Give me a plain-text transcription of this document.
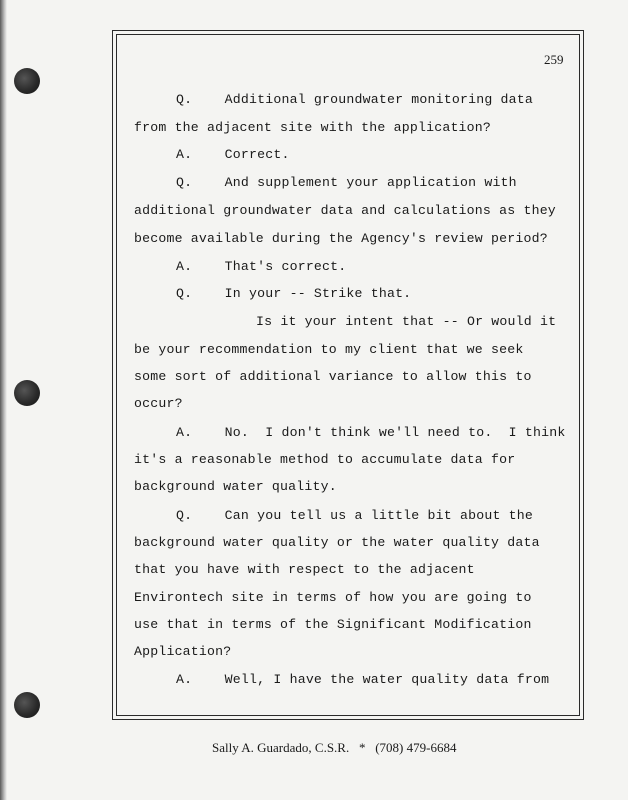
259
Q.    Additional groundwater monitoring data
from the adjacent site with the application?
A.    Correct.
Q.    And supplement your application with
additional groundwater data and calculations as they
become available during the Agency's review period?
A.    That's correct.
Q.    In your -- Strike that.
Is it your intent that -- Or would it
be your recommendation to my client that we seek
some sort of additional variance to allow this to
occur?
A.    No.  I don't think we'll need to.  I think
it's a reasonable method to accumulate data for
background water quality.
Q.    Can you tell us a little bit about the
background water quality or the water quality data
that you have with respect to the adjacent
Environtech site in terms of how you are going to
use that in terms of the Significant Modification
Application?
A.    Well, I have the water quality data from
Sally A. Guardado, C.S.R.   *   (708) 479-6684
